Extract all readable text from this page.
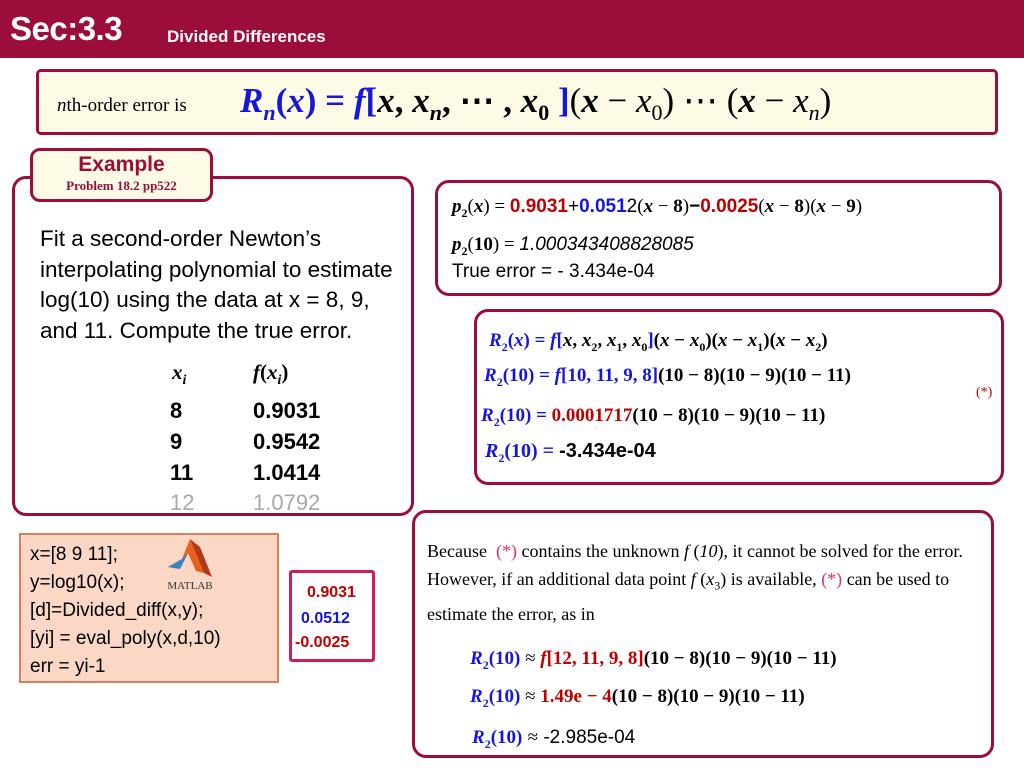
Sec:3.3	Divided Differences
nth-order error is $R_n(x) = f[x$, $x_n$, ⋯ , $x_0$ ]$(x - x_0)$ ⋯ $(x - x_n)$
Example
Problem 18.2 pp522
Fit a second-order Newton’s interpolating polynomial to estimate log(10) using the data at x = 8, 9, and 11. Compute the true error.
$x_i$	$f(x_i)$
8	0.9031
9	0.9542
11	1.0414
12	1.0792
$p_2(x) = 0.9031+0.0512(x - 8)-0.0025(x - 8)(x - 9)$
$p_2(10) = 1.000343408828085$
True error = - 3.434e-04
$R_2(x) = f[x$, $x_2$, $x_1$, $x_0](x - x_0)(x - x_1)(x - x_2)$
$R_2(10) = f[10$, 11, 9, 8](10 − 8)(10 − 9)(10 − 11)
(*)
$R_2(10) = 0.0001717(10 - 8)(10 - 9)(10 - 11)$
$R_2(10) = -3.434e-04$
x=[8 9 11];
y=log10(x);
[d]=Divided_diff(x,y);
[yi] = eval_poly(x,d,10)
err = yi-1
MATLAB	0.9031
0.0512
-0.0025
Because  (*) contains the unknown f (10), it cannot be solved for the error. However, if an additional data point f $(x_3)$ is available, (*) can be used to estimate the error, as in
$R_2(10) \approx f[12$, 11, 9, 8](10 − 8)(10 − 9)(10 − 11)
$R_2(10) \approx 1.49e - 4(10 - 8)(10 - 9)(10 - 11)$
$R_2(10) \approx -2.985e-04$
